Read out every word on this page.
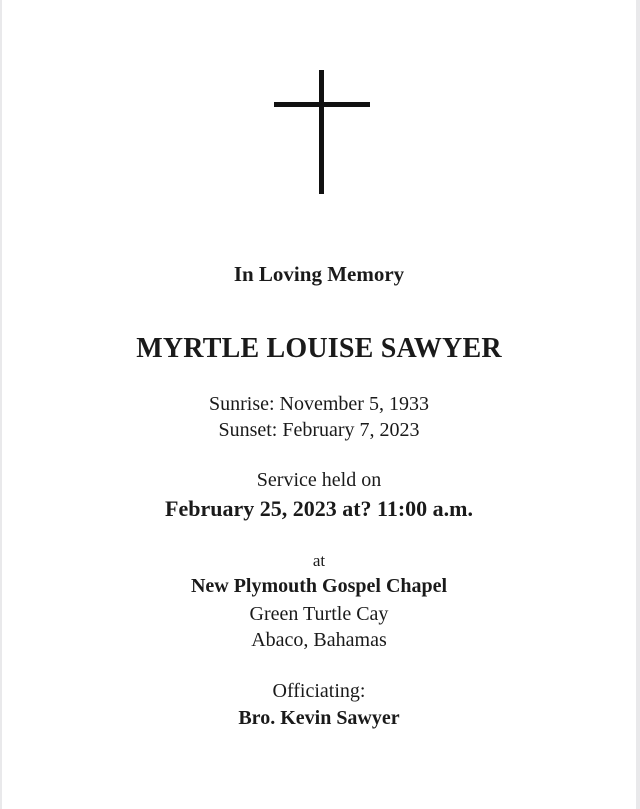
In Loving Memory
MYRTLE LOUISE SAWYER
Sunrise: November 5, 1933
Sunset: February 7, 2023
Service held on
February 25, 2023 at? 11:00 a.m.
at
New Plymouth Gospel Chapel
Green Turtle Cay
Abaco, Bahamas
Officiating:
Bro. Kevin Sawyer
